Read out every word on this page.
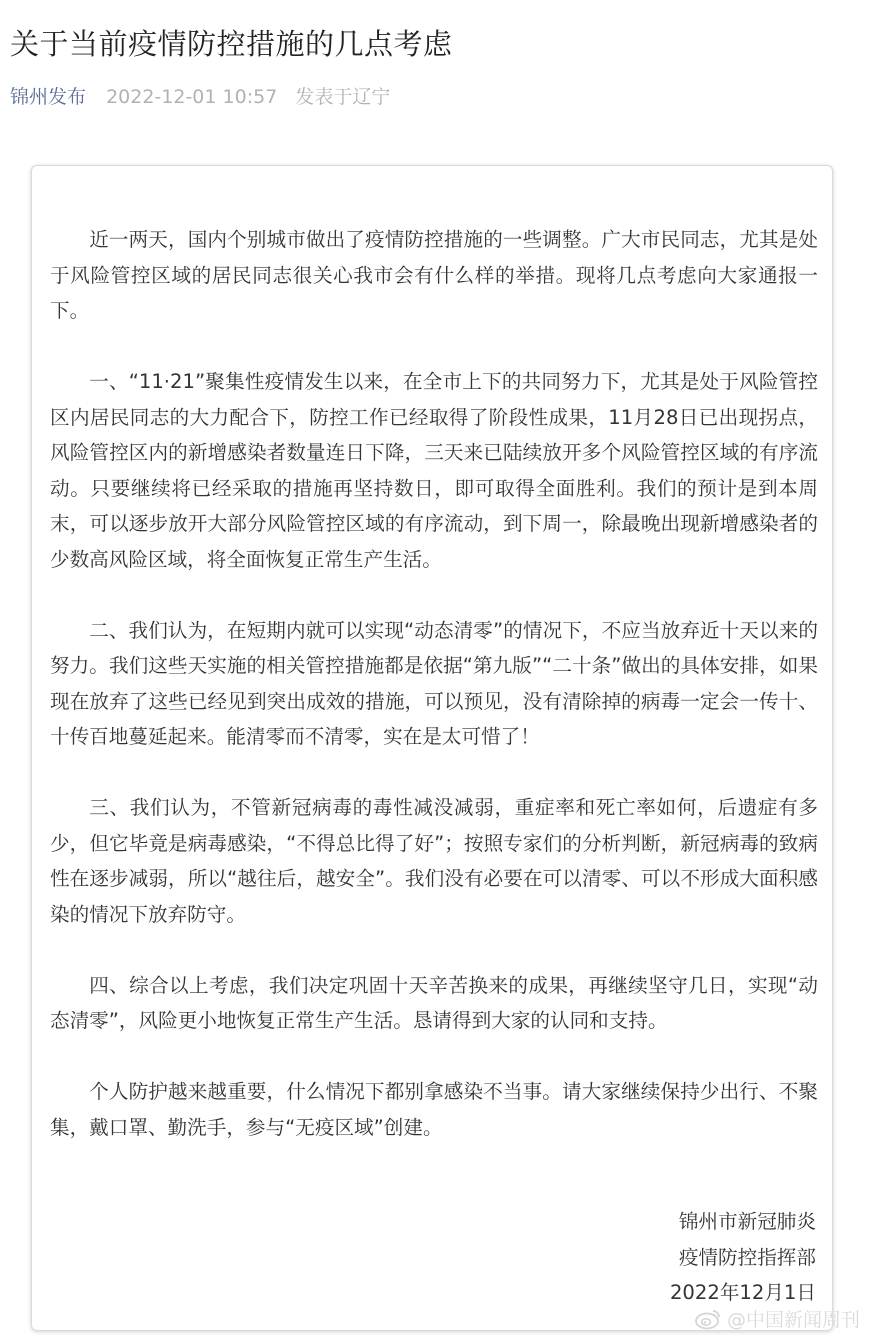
关于当前疫情防控措施的几点考虑
锦州发布 2022-12-01 10:57 发表于辽宁

近一两天，国内个别城市做出了疫情防控措施的一些调整。广大市民同志，尤其是处于风险管控区域的居民同志很关心我市会有什么样的举措。现将几点考虑向大家通报一下。

一、“11·21”聚集性疫情发生以来，在全市上下的共同努力下，尤其是处于风险管控区内居民同志的大力配合下，防控工作已经取得了阶段性成果，11月28日已出现拐点，风险管控区内的新增感染者数量连日下降，三天来已陆续放开多个风险管控区域的有序流动。只要继续将已经采取的措施再坚持数日，即可取得全面胜利。我们的预计是到本周末，可以逐步放开大部分风险管控区域的有序流动，到下周一，除最晚出现新增感染者的少数高风险区域，将全面恢复正常生产生活。

二、我们认为，在短期内就可以实现“动态清零”的情况下，不应当放弃近十天以来的努力。我们这些天实施的相关管控措施都是依据“第九版”“二十条”做出的具体安排，如果现在放弃了这些已经见到突出成效的措施，可以预见，没有清除掉的病毒一定会一传十、十传百地蔓延起来。能清零而不清零，实在是太可惜了！

三、我们认为，不管新冠病毒的毒性减没减弱，重症率和死亡率如何，后遗症有多少，但它毕竟是病毒感染，“不得总比得了好”；按照专家们的分析判断，新冠病毒的致病性在逐步减弱，所以“越往后，越安全”。我们没有必要在可以清零、可以不形成大面积感染的情况下放弃防守。

四、综合以上考虑，我们决定巩固十天辛苦换来的成果，再继续坚守几日，实现“动态清零”，风险更小地恢复正常生产生活。恳请得到大家的认同和支持。

个人防护越来越重要，什么情况下都别拿感染不当事。请大家继续保持少出行、不聚集，戴口罩、勤洗手，参与“无疫区域”创建。

锦州市新冠肺炎
疫情防控指挥部
2022年12月1日
@中国新闻周刊
